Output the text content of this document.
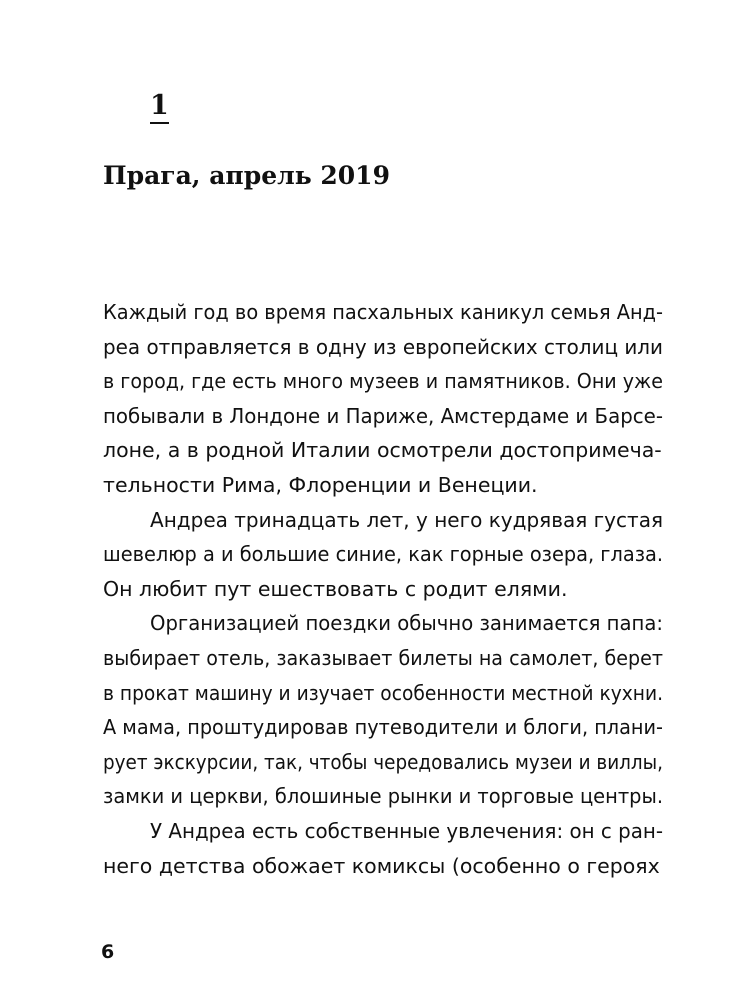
1
Прага, апрель 2019
Каждый год во время пасхальных каникул семья Анд-
реа отправляется в одну из европейских столиц или
в город, где есть много музеев и памятников. Они уже
побывали в Лондоне и Париже, Амстердаме и Барсе-
лоне, а в родной Италии осмотрели достопримеча-
тельности Рима, Флоренции и Венеции.
Андреа тринадцать лет, у него кудрявая густая
шевелюр а и большие синие, как горные озера, глаза.
Он любит пут ешествовать с родит елями.
Организацией поездки обычно занимается папа:
выбирает отель, заказывает билеты на самолет, берет
в прокат машину и изучает особенности местной кухни.
А мама, проштудировав путеводители и блоги, плани-
рует экскурсии, так, чтобы чередовались музеи и виллы,
замки и церкви, блошиные рынки и торговые центры.
У Андреа есть собственные увлечения: он с ран-
него детства обожает комиксы (особенно о героях
6
